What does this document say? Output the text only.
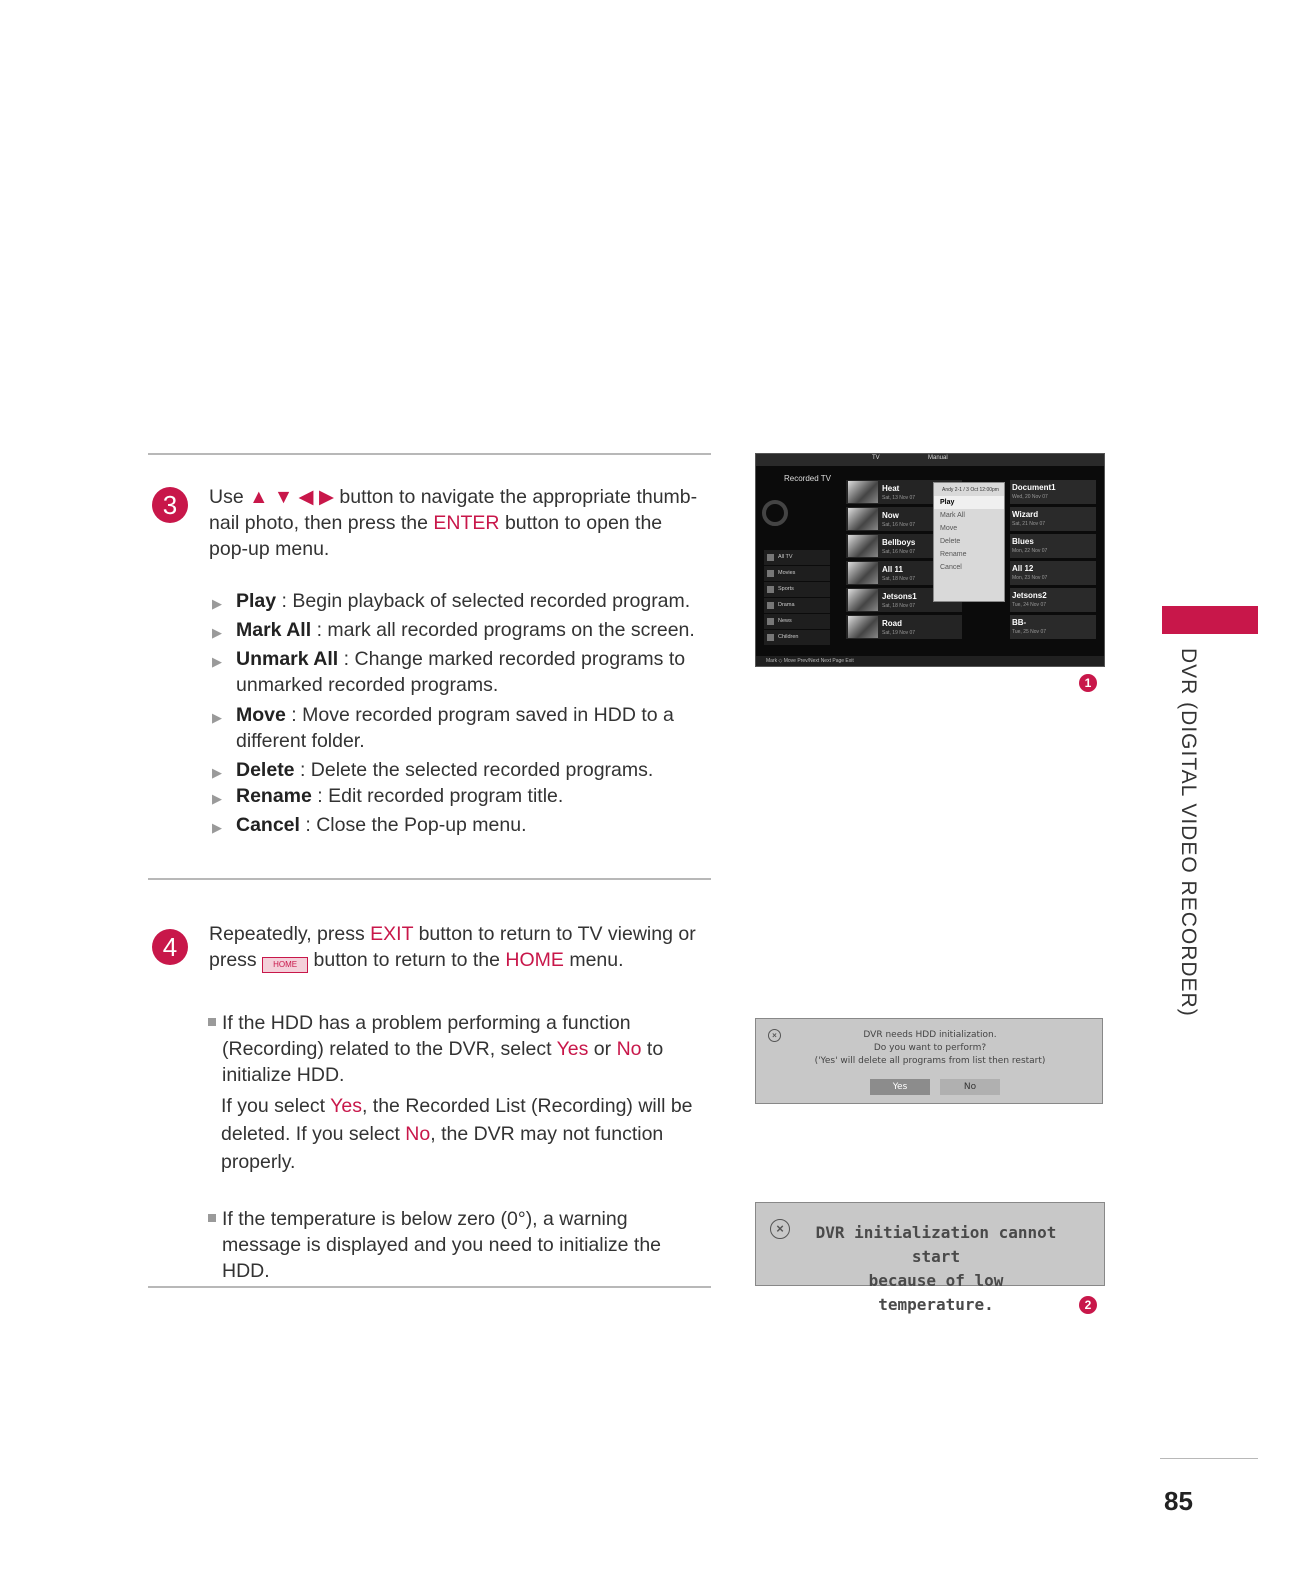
3	Use ▲ ▼ ◀ ▶ button to navigate the appropriate thumb-nail photo, then press the ENTER button to open the pop-up menu.
▶ Play : Begin playback of selected recorded program.
▶ Mark All : mark all recorded programs on the screen.
▶ Unmark All : Change marked recorded programs to unmarked recorded programs.
▶ Move : Move recorded program saved in HDD to a different folder.
▶ Delete : Delete the selected recorded programs.
▶ Rename : Edit recorded program title.
▶ Cancel : Close the Pop-up menu.
4	Repeatedly, press EXIT button to return to TV viewing or
press HOME button to return to the HOME menu.
If the HDD has a problem performing a function (Recording) related to the DVR, select Yes or No to initialize HDD.
If you select Yes, the Recorded List (Recording) will be deleted. If you select No, the DVR may not function properly.
If the temperature is below zero (0°), a warning message is displayed and you need to initialize the HDD.
TV	Manual
Recorded TV
All TV
Movies
Sports
Drama
News
Children
Heat
Sat, 13 Nov 07
Now
Sat, 16 Nov 07
Bellboys
Sat, 16 Nov 07
All 11
Sat, 18 Nov 07
Jetsons1
Sat, 18 Nov 07
Road
Sat, 19 Nov 07
Document1
Wed, 20 Nov 07
Wizard
Sat, 21 Nov 07
Blues
Mon, 22 Nov 07
All 12
Mon, 23 Nov 07
Jetsons2
Tue, 24 Nov 07
BB-
Tue, 25 Nov 07
Andy 2-1 / 3 Oct 12:00pm
Play
Mark All
Move
Delete
Rename
Cancel
Mark ◇ Move Prev/Next Next Page Exit
1
×	DVR needs HDD initialization.
Do you want to perform?
('Yes' will delete all programs from list then restart)
Yes	No
×	DVR initialization cannot start
because of low temperature.	2
DVR (DIGITAL VIDEO RECORDER)
85
